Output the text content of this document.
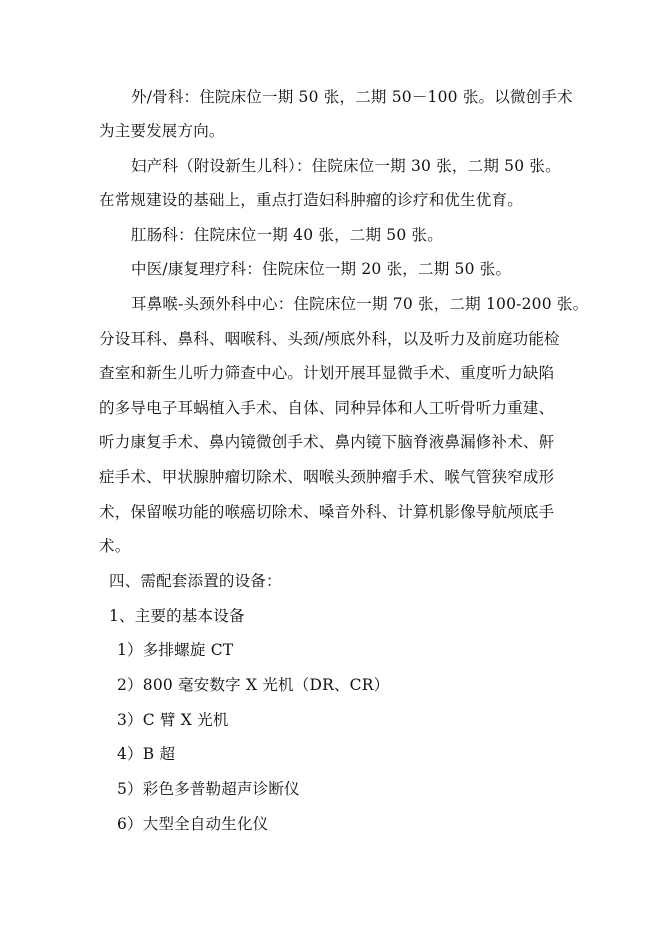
外/骨科：住院床位一期 50 张，二期 50－100 张。以微创手术
为主要发展方向。
妇产科（附设新生儿科）：住院床位一期 30 张，二期 50 张。
在常规建设的基础上，重点打造妇科肿瘤的诊疗和优生优育。
肛肠科：住院床位一期 40 张，二期 50 张。
中医/康复理疗科：住院床位一期 20 张，二期 50 张。
耳鼻喉-头颈外科中心：住院床位一期 70 张，二期 100-200 张。
分设耳科、鼻科、咽喉科、头颈/颅底外科，以及听力及前庭功能检
查室和新生儿听力筛查中心。计划开展耳显微手术、重度听力缺陷
的多导电子耳蜗植入手术、自体、同种异体和人工听骨听力重建、
听力康复手术、鼻内镜微创手术、鼻内镜下脑脊液鼻漏修补术、鼾
症手术、甲状腺肿瘤切除术、咽喉头颈肿瘤手术、喉气管狭窄成形
术，保留喉功能的喉癌切除术、嗓音外科、计算机影像导航颅底手
术。
四、需配套添置的设备：
1、主要的基本设备
1）多排螺旋 CT
2）800 毫安数字 X 光机（DR、CR）
3）C 臂 X 光机
4）B 超
5）彩色多普勒超声诊断仪
6）大型全自动生化仪
